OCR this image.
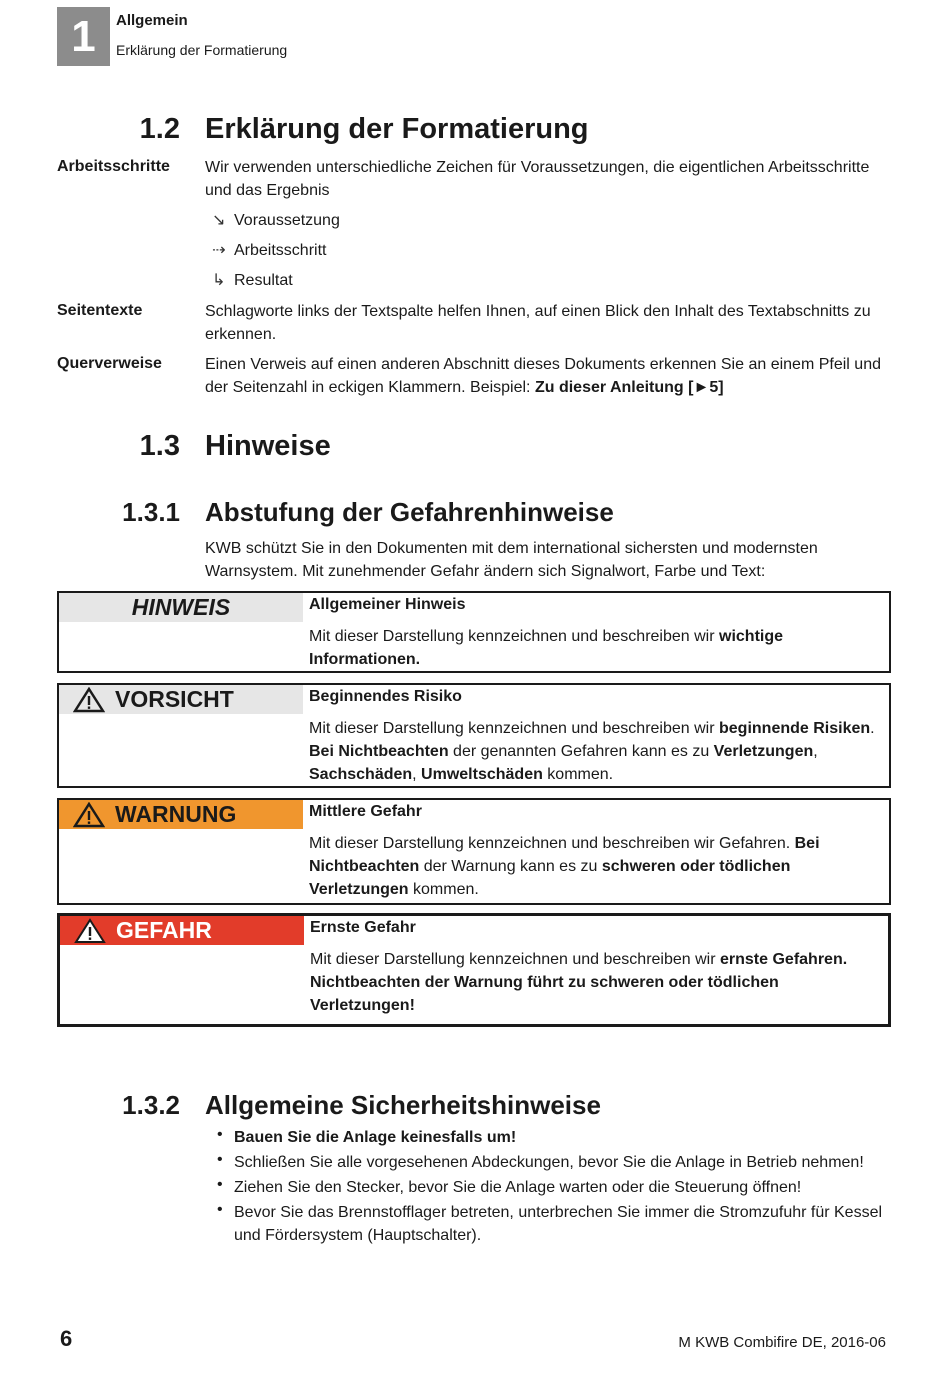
1 Allgemein
Erklärung der Formatierung
1.2 Erklärung der Formatierung
Arbeitsschritte Wir verwenden unterschiedliche Zeichen für Voraussetzungen, die eigentlichen Arbeitsschritte und das Ergebnis
↘ Voraussetzung
⇢ Arbeitsschritt
↳ Resultat
Seitentexte	Schlagworte links der Textspalte helfen Ihnen, auf einen Blick den Inhalt des Textabschnitts zu erkennen.
Querverweise	Einen Verweis auf einen anderen Abschnitt dieses Dokuments erkennen Sie an einem Pfeil und der Seitenzahl in eckigen Klammern. Beispiel: Zu dieser Anleitung [►5]
1.3 Hinweise
1.3.1 Abstufung der Gefahrenhinweise
KWB schützt Sie in den Dokumenten mit dem international sichersten und modernsten Warnsystem. Mit zunehmender Gefahr ändern sich Signalwort, Farbe und Text:
HINWEIS	Allgemeiner Hinweis
Mit dieser Darstellung kennzeichnen und beschreiben wir wichtige Informationen.
VORSICHT	Beginnendes Risiko
Mit dieser Darstellung kennzeichnen und beschreiben wir beginnende Risiken. Bei Nichtbeachten der genannten Gefahren kann es zu Verletzungen, Sachschäden, Umweltschäden kommen.
WARNUNG	Mittlere Gefahr
Mit dieser Darstellung kennzeichnen und beschreiben wir Gefahren. Bei Nichtbeachten der Warnung kann es zu schweren oder tödlichen Verletzungen kommen.
GEFAHR	Ernste Gefahr
Mit dieser Darstellung kennzeichnen und beschreiben wir ernste Gefahren. Nichtbeachten der Warnung führt zu schweren oder tödlichen Verletzungen!
1.3.2 Allgemeine Sicherheitshinweise
• Bauen Sie die Anlage keinesfalls um!
• Schließen Sie alle vorgesehenen Abdeckungen, bevor Sie die Anlage in Betrieb nehmen!
• Ziehen Sie den Stecker, bevor Sie die Anlage warten oder die Steuerung öffnen!
• Bevor Sie das Brennstofflager betreten, unterbrechen Sie immer die Stromzufuhr für Kessel und Fördersystem (Hauptschalter).
6	M KWB Combifire DE, 2016-06
